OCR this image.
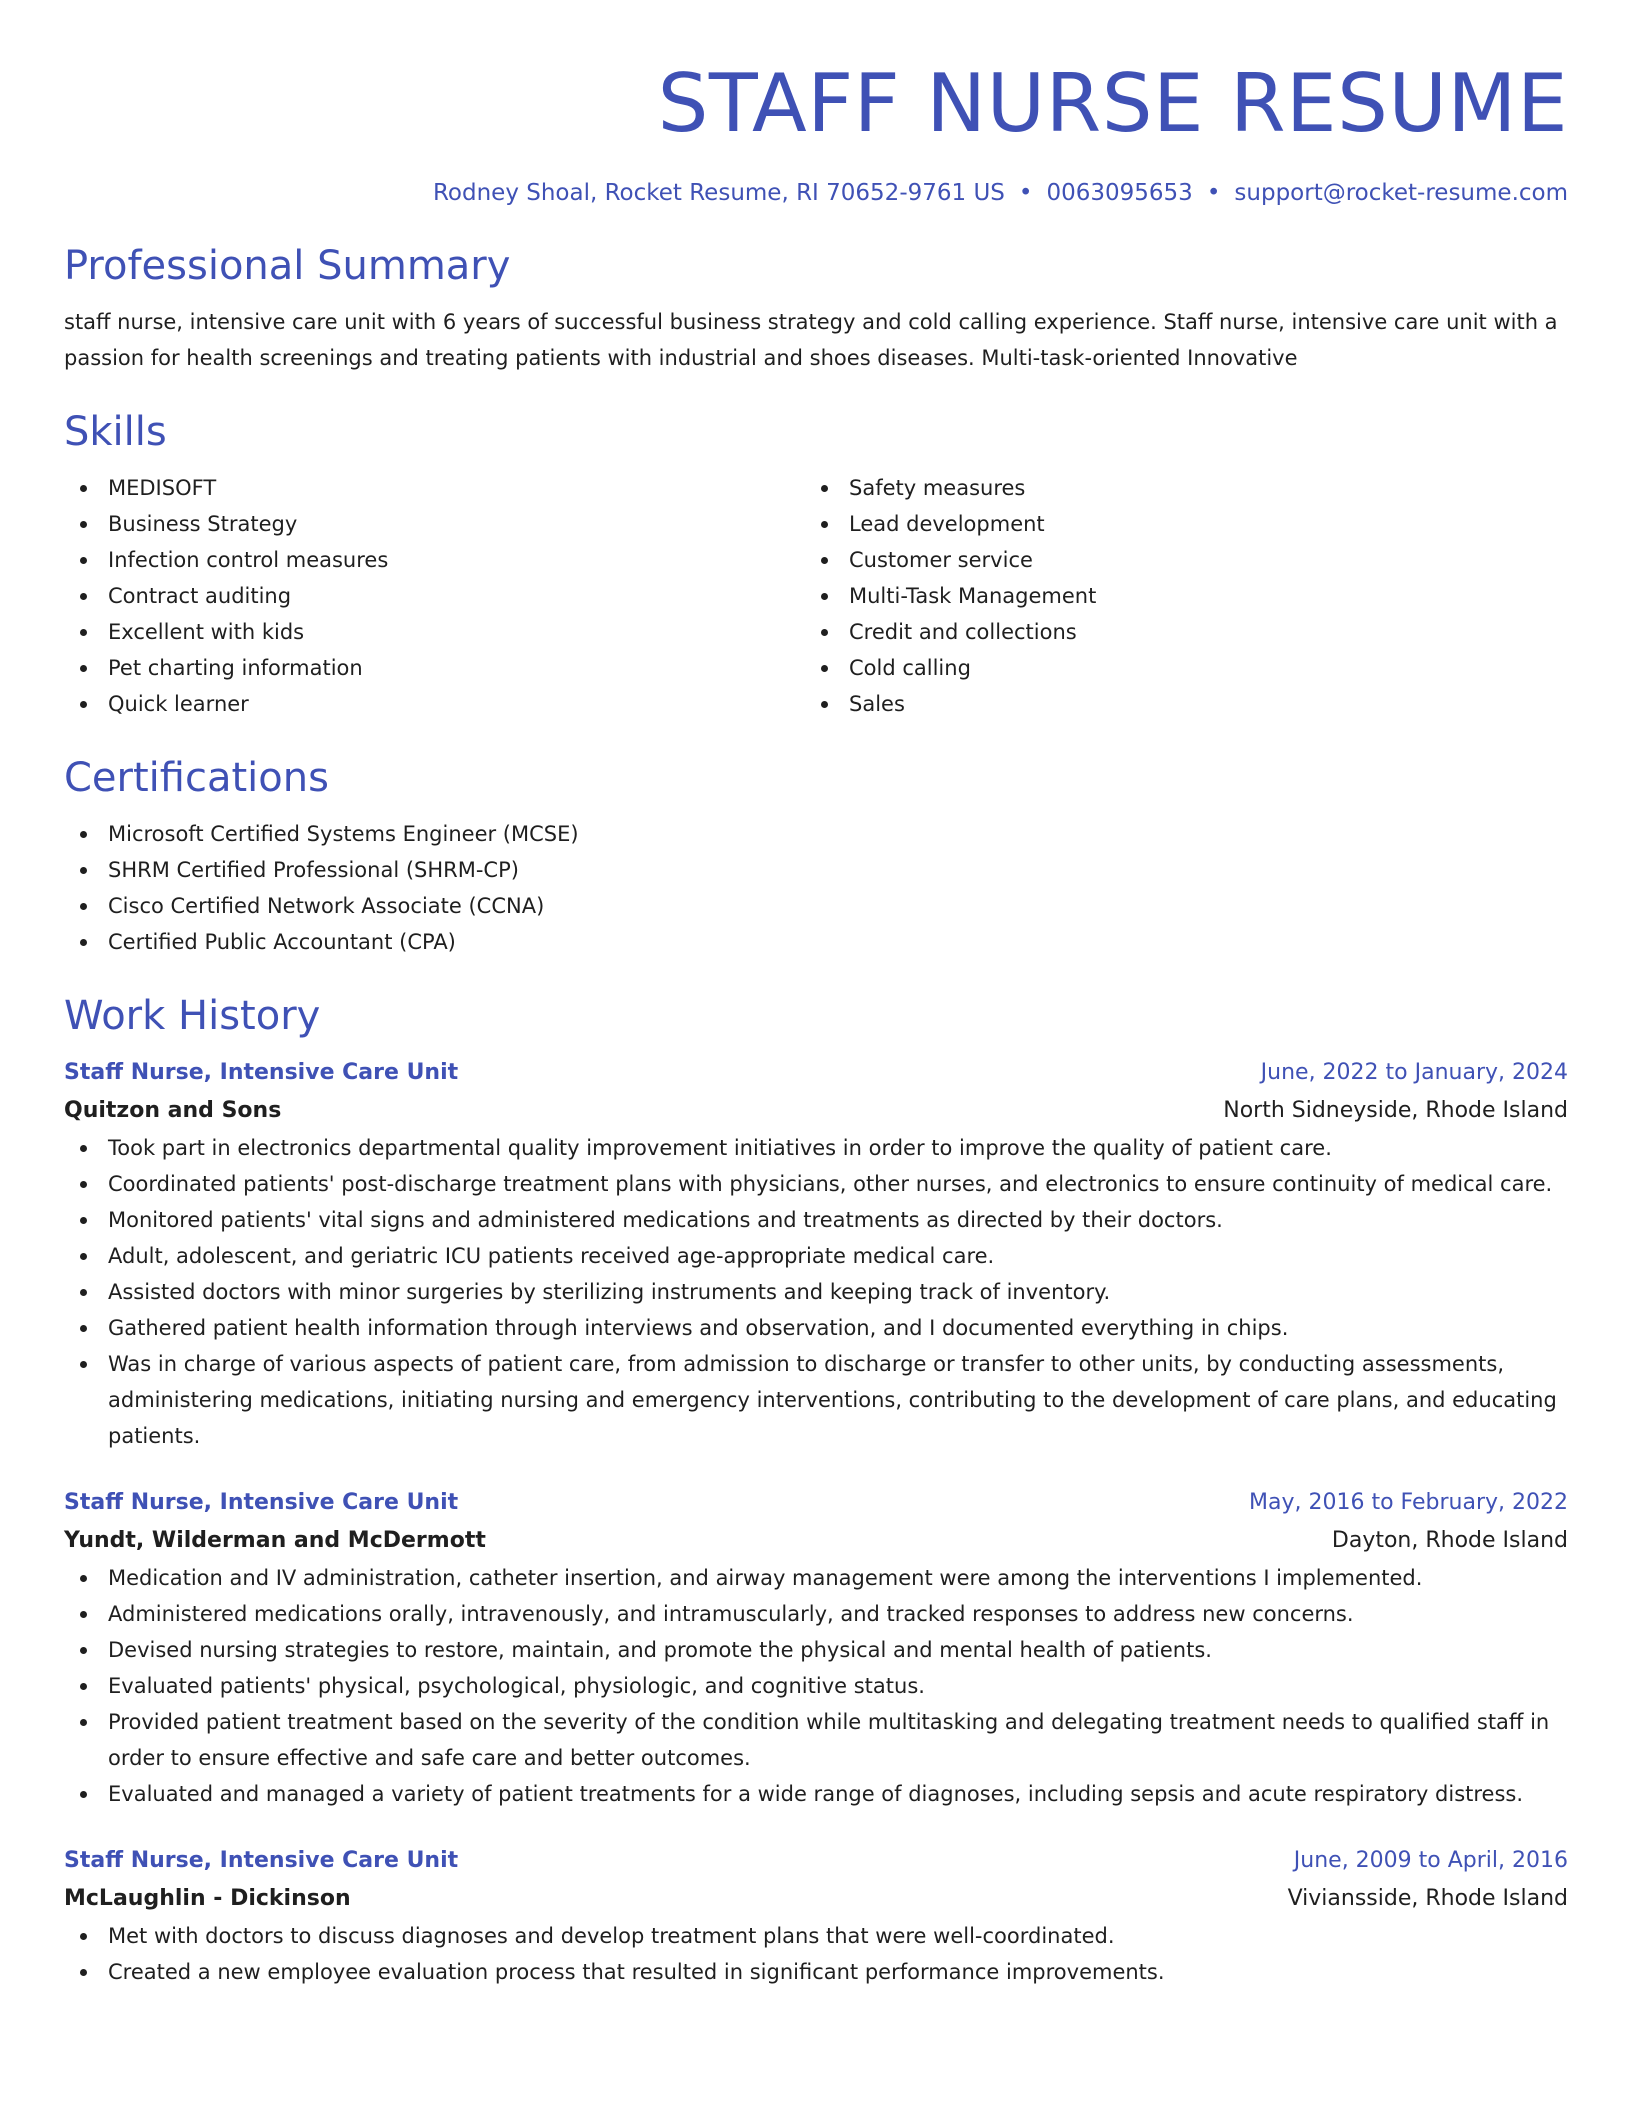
STAFF NURSE RESUME
Rodney Shoal, Rocket Resume, RI 70652-9761 US • 0063095653 • support@rocket-resume.com
Professional Summary

staff nurse, intensive care unit with 6 years of successful business strategy and cold calling experience. Staff nurse, intensive care unit with a passion for health screenings and treating patients with industrial and shoes diseases. Multi-task-oriented Innovative

Skills
MEDISOFT
Business Strategy
Infection control measures
Contract auditing
Excellent with kids
Pet charting information
Quick learner
Safety measures
Lead development
Customer service
Multi-Task Management
Credit and collections
Cold calling
Sales
Certifications
Microsoft Certified Systems Engineer (MCSE)
SHRM Certified Professional (SHRM-CP)
Cisco Certified Network Associate (CCNA)
Certified Public Accountant (CPA)
Work History
Staff Nurse, Intensive Care Unit	June, 2022 to January, 2024
Quitzon and Sons	North Sidneyside, Rhode Island
Took part in electronics departmental quality improvement initiatives in order to improve the quality of patient care.
Coordinated patients' post-discharge treatment plans with physicians, other nurses, and electronics to ensure continuity of medical care.
Monitored patients' vital signs and administered medications and treatments as directed by their doctors.
Adult, adolescent, and geriatric ICU patients received age-appropriate medical care.
Assisted doctors with minor surgeries by sterilizing instruments and keeping track of inventory.
Gathered patient health information through interviews and observation, and I documented everything in chips.
Was in charge of various aspects of patient care, from admission to discharge or transfer to other units, by conducting assessments, administering medications, initiating nursing and emergency interventions, contributing to the development of care plans, and educating patients.
Staff Nurse, Intensive Care Unit	May, 2016 to February, 2022
Yundt, Wilderman and McDermott	Dayton, Rhode Island
Medication and IV administration, catheter insertion, and airway management were among the interventions I implemented.
Administered medications orally, intravenously, and intramuscularly, and tracked responses to address new concerns.
Devised nursing strategies to restore, maintain, and promote the physical and mental health of patients.
Evaluated patients' physical, psychological, physiologic, and cognitive status.
Provided patient treatment based on the severity of the condition while multitasking and delegating treatment needs to qualified staff in order to ensure effective and safe care and better outcomes.
Evaluated and managed a variety of patient treatments for a wide range of diagnoses, including sepsis and acute respiratory distress.
Staff Nurse, Intensive Care Unit	June, 2009 to April, 2016
McLaughlin - Dickinson	Viviansside, Rhode Island
Met with doctors to discuss diagnoses and develop treatment plans that were well-coordinated.
Created a new employee evaluation process that resulted in significant performance improvements.
